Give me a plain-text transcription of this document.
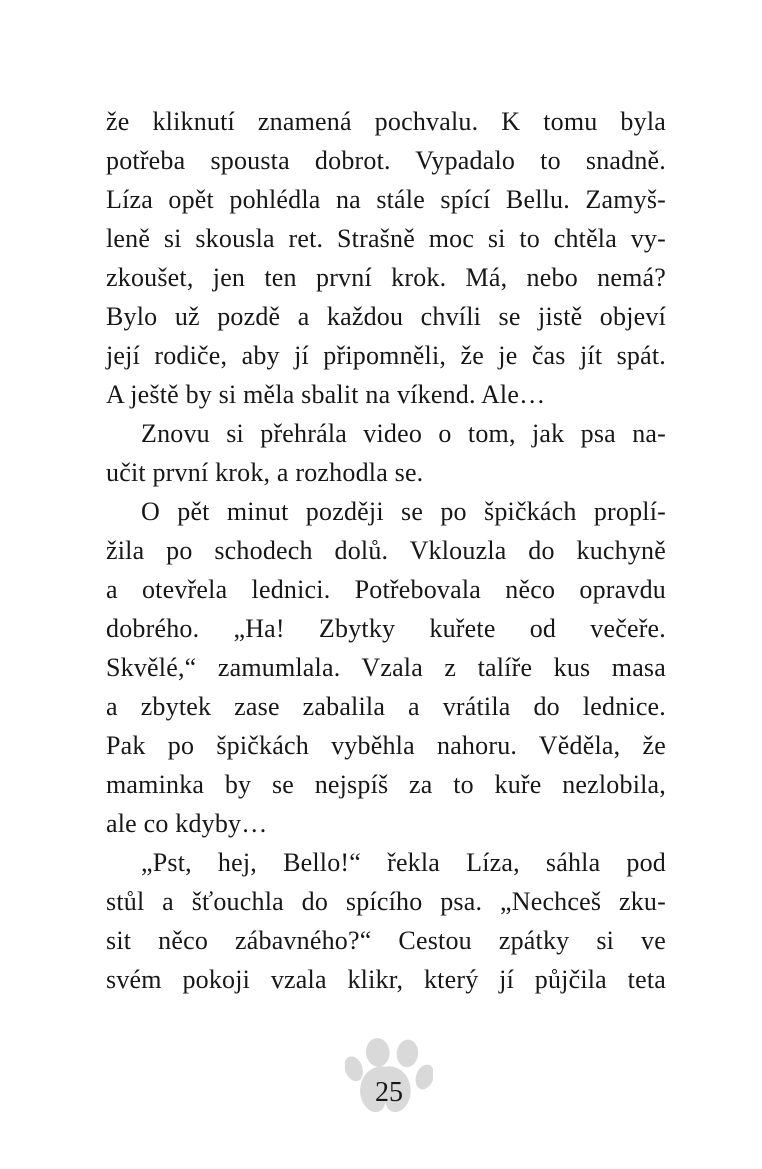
že kliknutí znamená pochvalu. K tomu byla
potřeba spousta dobrot. Vypadalo to snadně.
Líza opět pohlédla na stále spící Bellu. Zamyš-
leně si skousla ret. Strašně moc si to chtěla vy-
zkoušet, jen ten první krok. Má, nebo nemá?
Bylo už pozdě a každou chvíli se jistě objeví
její rodiče, aby jí připomněli, že je čas jít spát.
A ještě by si měla sbalit na víkend. Ale…
Znovu si přehrála video o tom, jak psa na-
učit první krok, a rozhodla se.
O pět minut později se po špičkách proplí-
žila po schodech dolů. Vklouzla do kuchyně
a otevřela lednici. Potřebovala něco opravdu
dobrého. „Ha! Zbytky kuřete od večeře.
Skvělé,“ zamumlala. Vzala z talíře kus masa
a zbytek zase zabalila a vrátila do lednice.
Pak po špičkách vyběhla nahoru. Věděla, že
maminka by se nejspíš za to kuře nezlobila,
ale co kdyby…
„Pst, hej, Bello!“ řekla Líza, sáhla pod
stůl a šťouchla do spícího psa. „Nechceš zku-
sit něco zábavného?“ Cestou zpátky si ve
svém pokoji vzala klikr, který jí půjčila teta
25
